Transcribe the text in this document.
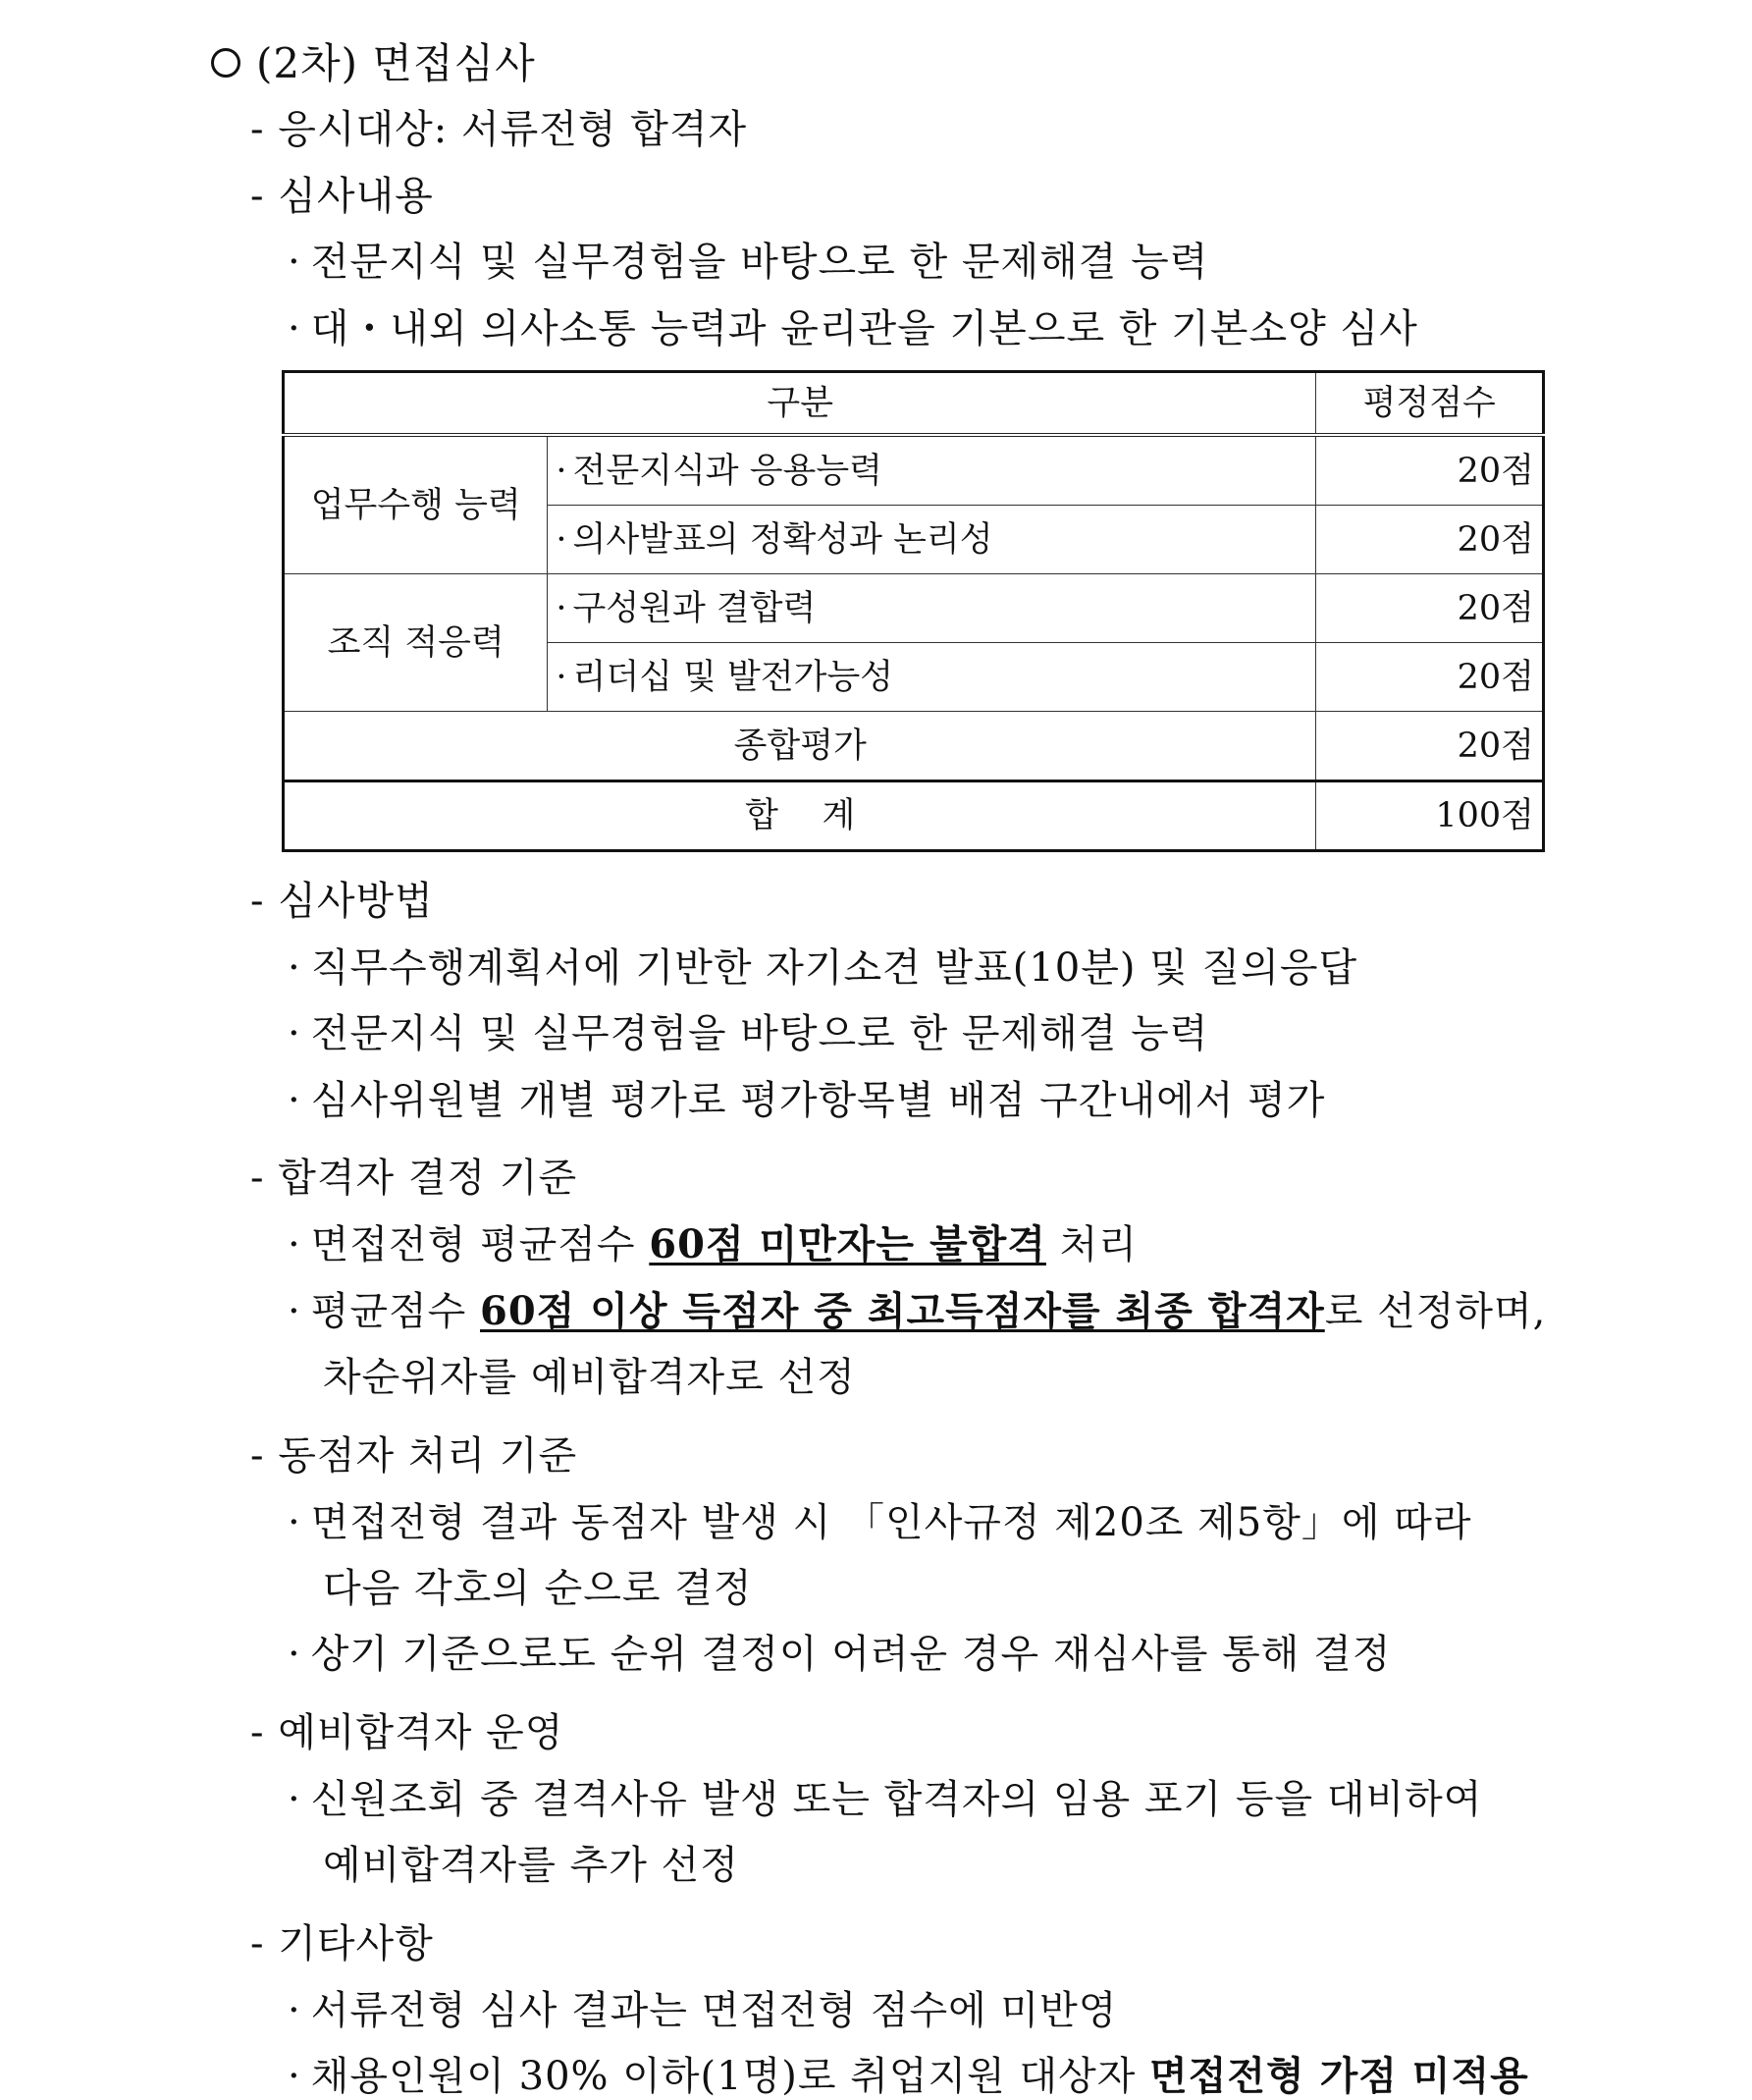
(2차) 면접심사
- 응시대상: 서류전형 합격자
- 심사내용
· 전문지식 및 실무경험을 바탕으로 한 문제해결 능력
· 대・내외 의사소통 능력과 윤리관을 기본으로 한 기본소양 심사
구분		평정점수
업무수행 능력	· 전문지식과 응용능력	20점
	· 의사발표의 정확성과 논리성	20점
조직 적응력	· 구성원과 결합력	20점
	· 리더십 및 발전가능성	20점
종합평가		20점
합    계		100점
- 심사방법
· 직무수행계획서에 기반한 자기소견 발표(10분) 및 질의응답
· 전문지식 및 실무경험을 바탕으로 한 문제해결 능력
· 심사위원별 개별 평가로 평가항목별 배점 구간내에서 평가
- 합격자 결정 기준
· 면접전형 평균점수 60점 미만자는 불합격 처리
· 평균점수 60점 이상 득점자 중 최고득점자를 최종 합격자로 선정하며,
차순위자를 예비합격자로 선정
- 동점자 처리 기준
· 면접전형 결과 동점자 발생 시 「인사규정 제20조 제5항」에 따라
다음 각호의 순으로 결정
· 상기 기준으로도 순위 결정이 어려운 경우 재심사를 통해 결정
- 예비합격자 운영
· 신원조회 중 결격사유 발생 또는 합격자의 임용 포기 등을 대비하여
예비합격자를 추가 선정
- 기타사항
· 서류전형 심사 결과는 면접전형 점수에 미반영
· 채용인원이 30% 이하(1명)로 취업지원 대상자 면접전형 가점 미적용
